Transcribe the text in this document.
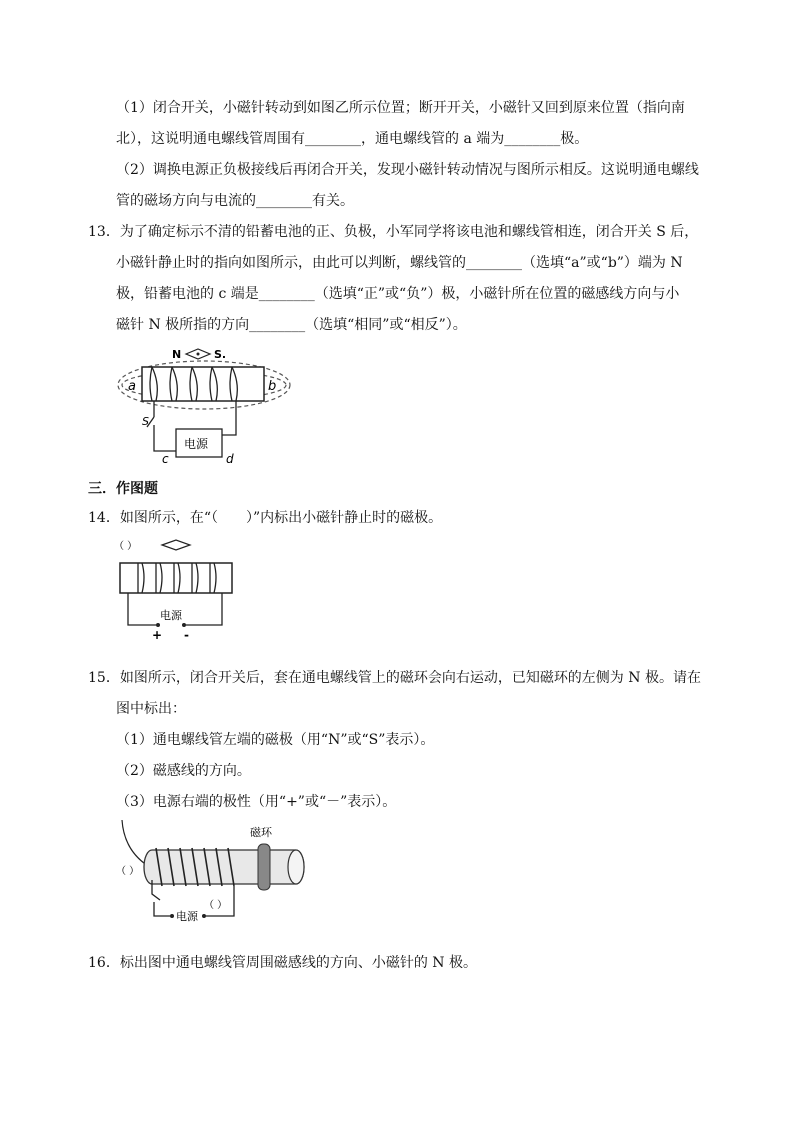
（1）闭合开关，小磁针转动到如图乙所示位置；断开开关，小磁针又回到原来位置（指向南
北），这说明通电螺线管周围有________，通电螺线管的 a 端为________极。
（2）调换电源正负极接线后再闭合开关，发现小磁针转动情况与图所示相反。这说明通电螺线
管的磁场方向与电流的________有关。
13．为了确定标示不清的铅蓄电池的正、负极，小军同学将该电池和螺线管相连，闭合开关 S 后，
小磁针静止时的指向如图所示，由此可以判断，螺线管的________（选填“a”或“b”）端为 N
极，铅蓄电池的 c 端是________（选填“正”或“负”）极，小磁针所在位置的磁感线方向与小
磁针 N 极所指的方向________（选填“相同”或“相反”）。
N	S.
a	b
S
电源
c	d
三．作图题
14．如图所示，在“（　　）”内标出小磁针静止时的磁极。
（ ）
电源
+ -
15．如图所示，闭合开关后，套在通电螺线管上的磁环会向右运动，已知磁环的左侧为 N 极。请在
图中标出：
（1）通电螺线管左端的磁极（用“N”或“S”表示）。
（2）磁感线的方向。
（3）电源右端的极性（用“+”或“－”表示）。
（ ）
磁环
电源
（ ）
16．标出图中通电螺线管周围磁感线的方向、小磁针的 N 极。
